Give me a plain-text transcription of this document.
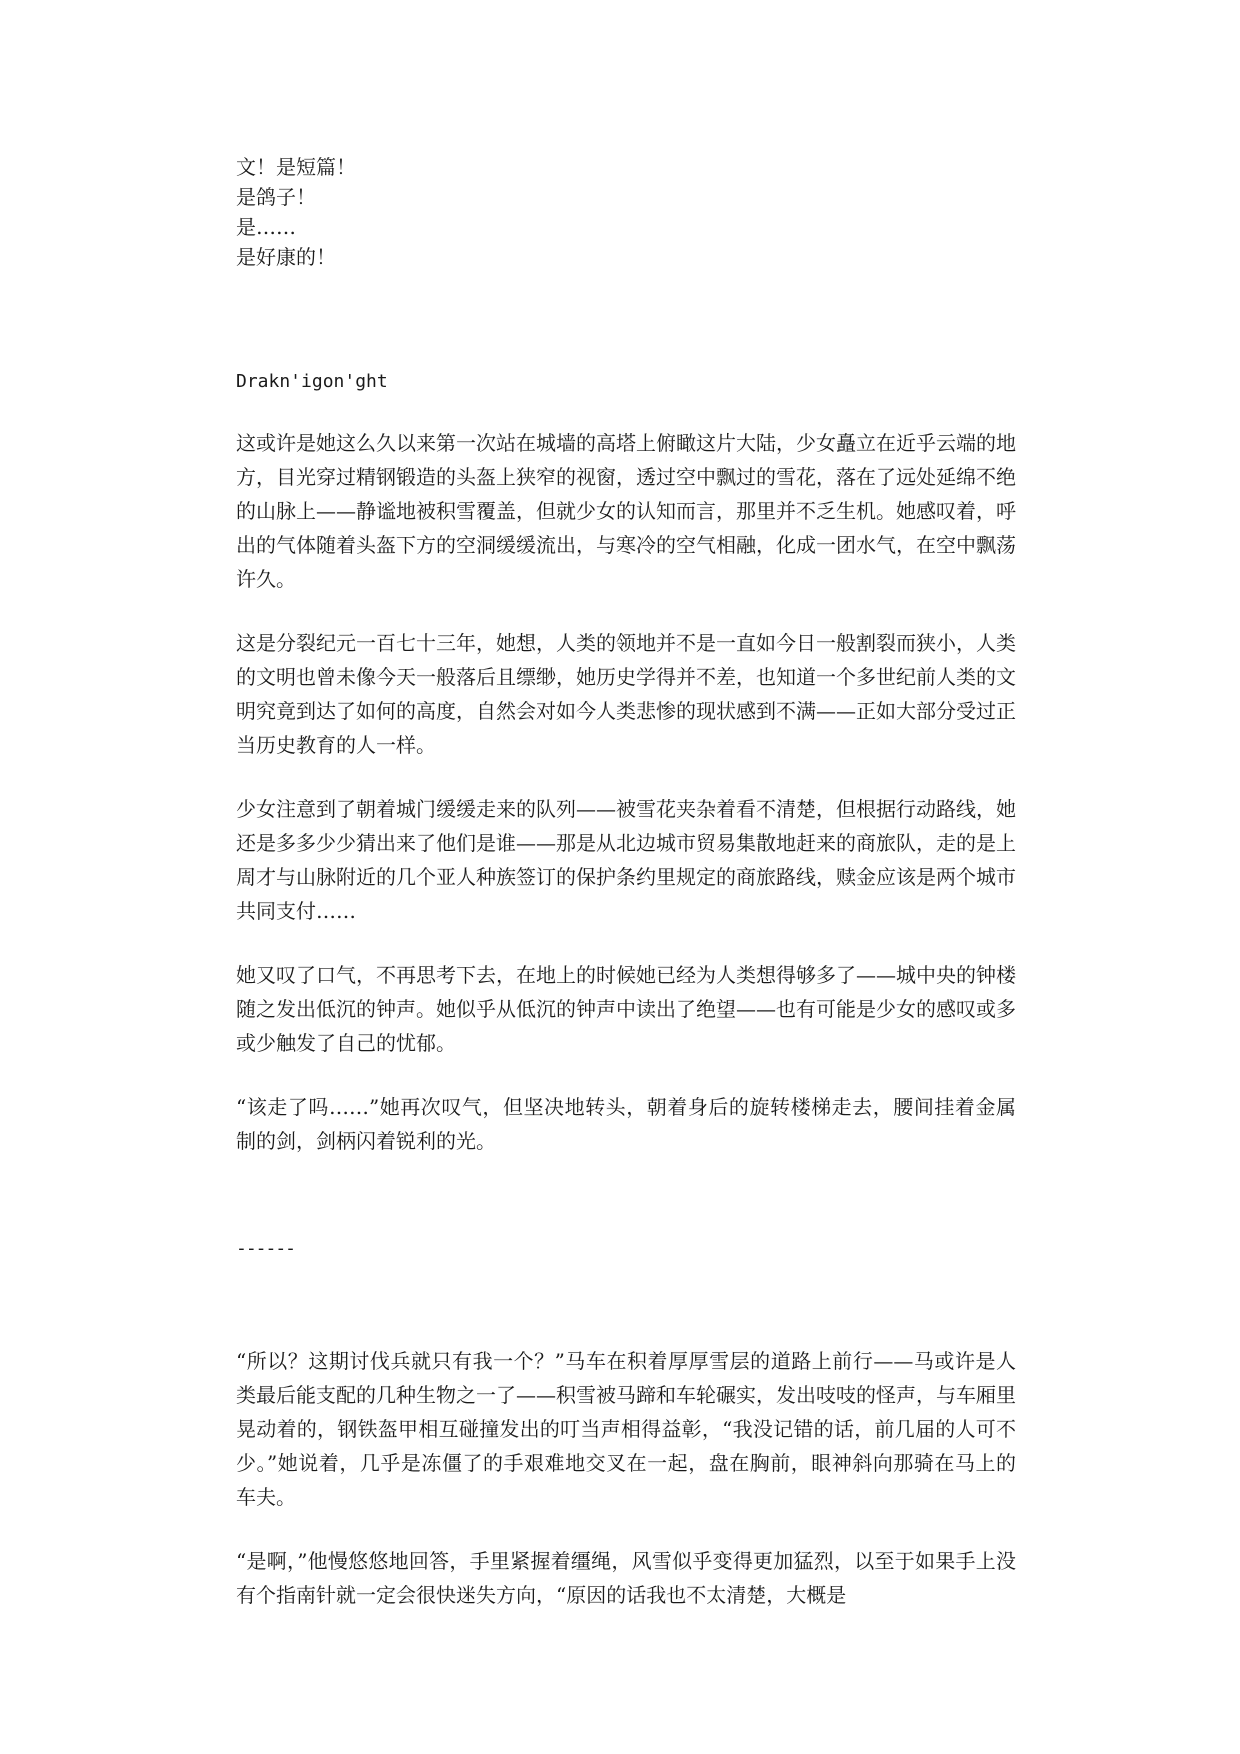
文！是短篇！

是鸽子！

是……

是好康的！

Drakn'igon'ght

这或许是她这么久以来第一次站在城墙的高塔上俯瞰这片大陆，少女矗立在近乎云端的地方，目光穿过精钢锻造的头盔上狭窄的视窗，透过空中飘过的雪花，落在了远处延绵不绝的山脉上——静谧地被积雪覆盖，但就少女的认知而言，那里并不乏生机。她感叹着，呼出的气体随着头盔下方的空洞缓缓流出，与寒冷的空气相融，化成一团水气，在空中飘荡许久。

这是分裂纪元一百七十三年，她想，人类的领地并不是一直如今日一般割裂而狭小，人类的文明也曾未像今天一般落后且缥缈，她历史学得并不差，也知道一个多世纪前人类的文明究竟到达了如何的高度，自然会对如今人类悲惨的现状感到不满——正如大部分受过正当历史教育的人一样。

少女注意到了朝着城门缓缓走来的队列——被雪花夹杂着看不清楚，但根据行动路线，她还是多多少少猜出来了他们是谁——那是从北边城市贸易集散地赶来的商旅队，走的是上周才与山脉附近的几个亚人种族签订的保护条约里规定的商旅路线，赎金应该是两个城市共同支付……

她又叹了口气，不再思考下去，在地上的时候她已经为人类想得够多了——城中央的钟楼随之发出低沉的钟声。她似乎从低沉的钟声中读出了绝望——也有可能是少女的感叹或多或少触发了自己的忧郁。

“该走了吗……”她再次叹气，但坚决地转头，朝着身后的旋转楼梯走去，腰间挂着金属制的剑，剑柄闪着锐利的光。

------

“所以？这期讨伐兵就只有我一个？”马车在积着厚厚雪层的道路上前行——马或许是人类最后能支配的几种生物之一了——积雪被马蹄和车轮碾实，发出吱吱的怪声，与车厢里晃动着的，钢铁盔甲相互碰撞发出的叮当声相得益彰，“我没记错的话，前几届的人可不少。”她说着，几乎是冻僵了的手艰难地交叉在一起，盘在胸前，眼神斜向那骑在马上的车夫。

“是啊，”他慢悠悠地回答，手里紧握着缰绳，风雪似乎变得更加猛烈，以至于如果手上没有个指南针就一定会很快迷失方向，“原因的话我也不太清楚，大概是
